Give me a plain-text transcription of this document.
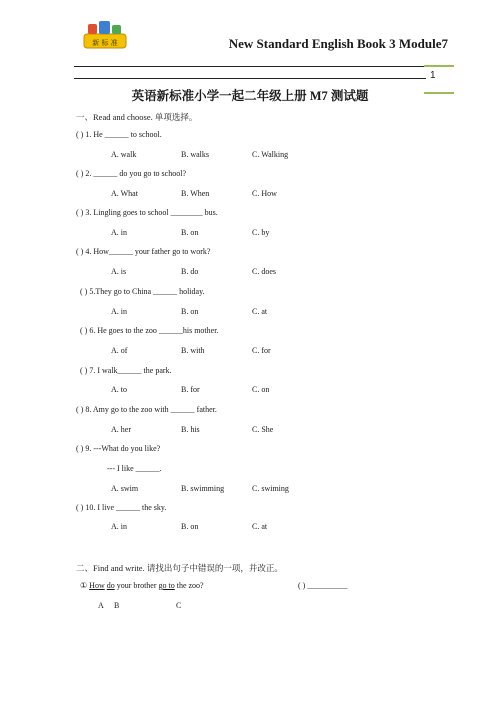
新 标 准	New Standard English Book 3 Module7
1
英语新标准小学一起二年级上册 M7 测试题
一、Read and choose. 单项选择。
( ) 1. He ______ to school.
A. walk	B. walks	C. Walking
( ) 2. ______ do you go to school?
A. What	B. When	C. How
( ) 3. Lingling goes to school ________ bus.
A. in	B. on	C. by
( ) 4. How______ your father go to work?
A. is	B. do	C. does
( ) 5.They go to China ______ holiday.
A. in	B. on	C. at
( ) 6. He goes to the zoo ______his mother.
A. of	B. with	C. for
( ) 7. I walk______ the park.
A. to	B. for	C. on
( ) 8. Amy go to the zoo with ______ father.
A. her	B. his	C. She
( ) 9. ---What do you like?
--- I like ______.
A. swim	B. swimming	C. swiming
( ) 10. I live ______ the sky.
A. in	B. on	C. at
二、Find and write. 请找出句子中错误的一项，并改正。
① How do your brother go to the zoo?	( ) __________
A B	C
